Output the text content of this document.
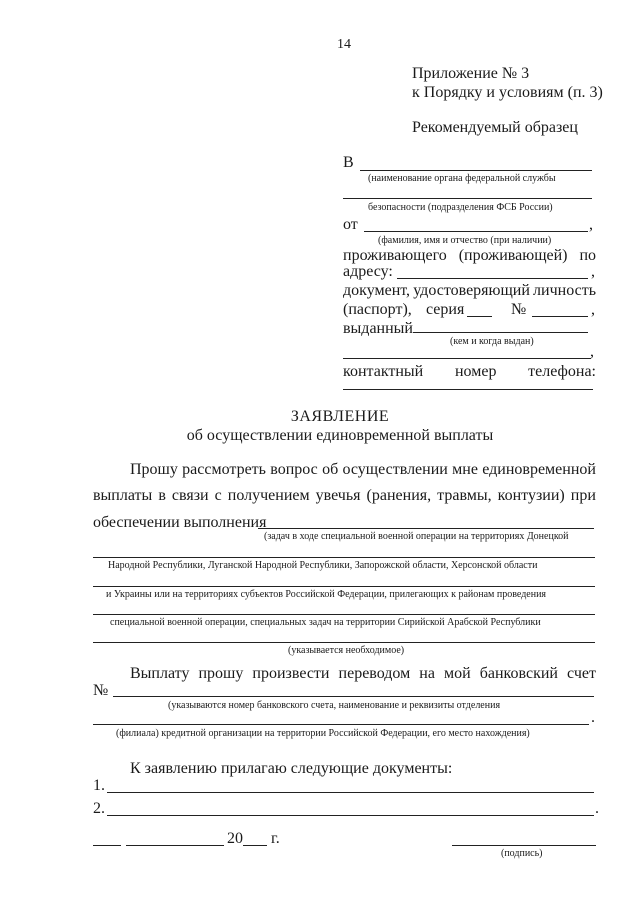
14
Приложение № 3
к Порядку и условиям (п. 3)
Рекомендуемый образец
В
(наименование органа федеральной службы
безопасности (подразделения ФСБ России)
от	,
(фамилия, имя и отчество (при наличии)
проживающего (проживающей) по
адресу:	,
документ, удостоверяющий личность
(паспорт), серия	№	,
выданный
(кем и когда выдан)
,
контактный номер телефона:
ЗАЯВЛЕНИЕ
об осуществлении единовременной выплаты
Прошу рассмотреть вопрос об осуществлении мне единовременной
выплаты в связи с получением увечья (ранения, травмы, контузии) при
обеспечении выполнения
(задач в ходе специальной военной операции на территориях Донецкой
Народной Республики, Луганской Народной Республики, Запорожской области, Херсонской области
и Украины или на территориях субъектов Российской Федерации, прилегающих к районам проведения
специальной военной операции, специальных задач на территории Сирийской Арабской Республики
(указывается необходимое)
Выплату прошу произвести переводом на мой банковский счет
№
(указываются номер банковского счета, наименование и реквизиты отделения
.
(филиала) кредитной организации на территории Российской Федерации, его место нахождения)
К заявлению прилагаю следующие документы:
1.
2.	.
20 г.
(подпись)
